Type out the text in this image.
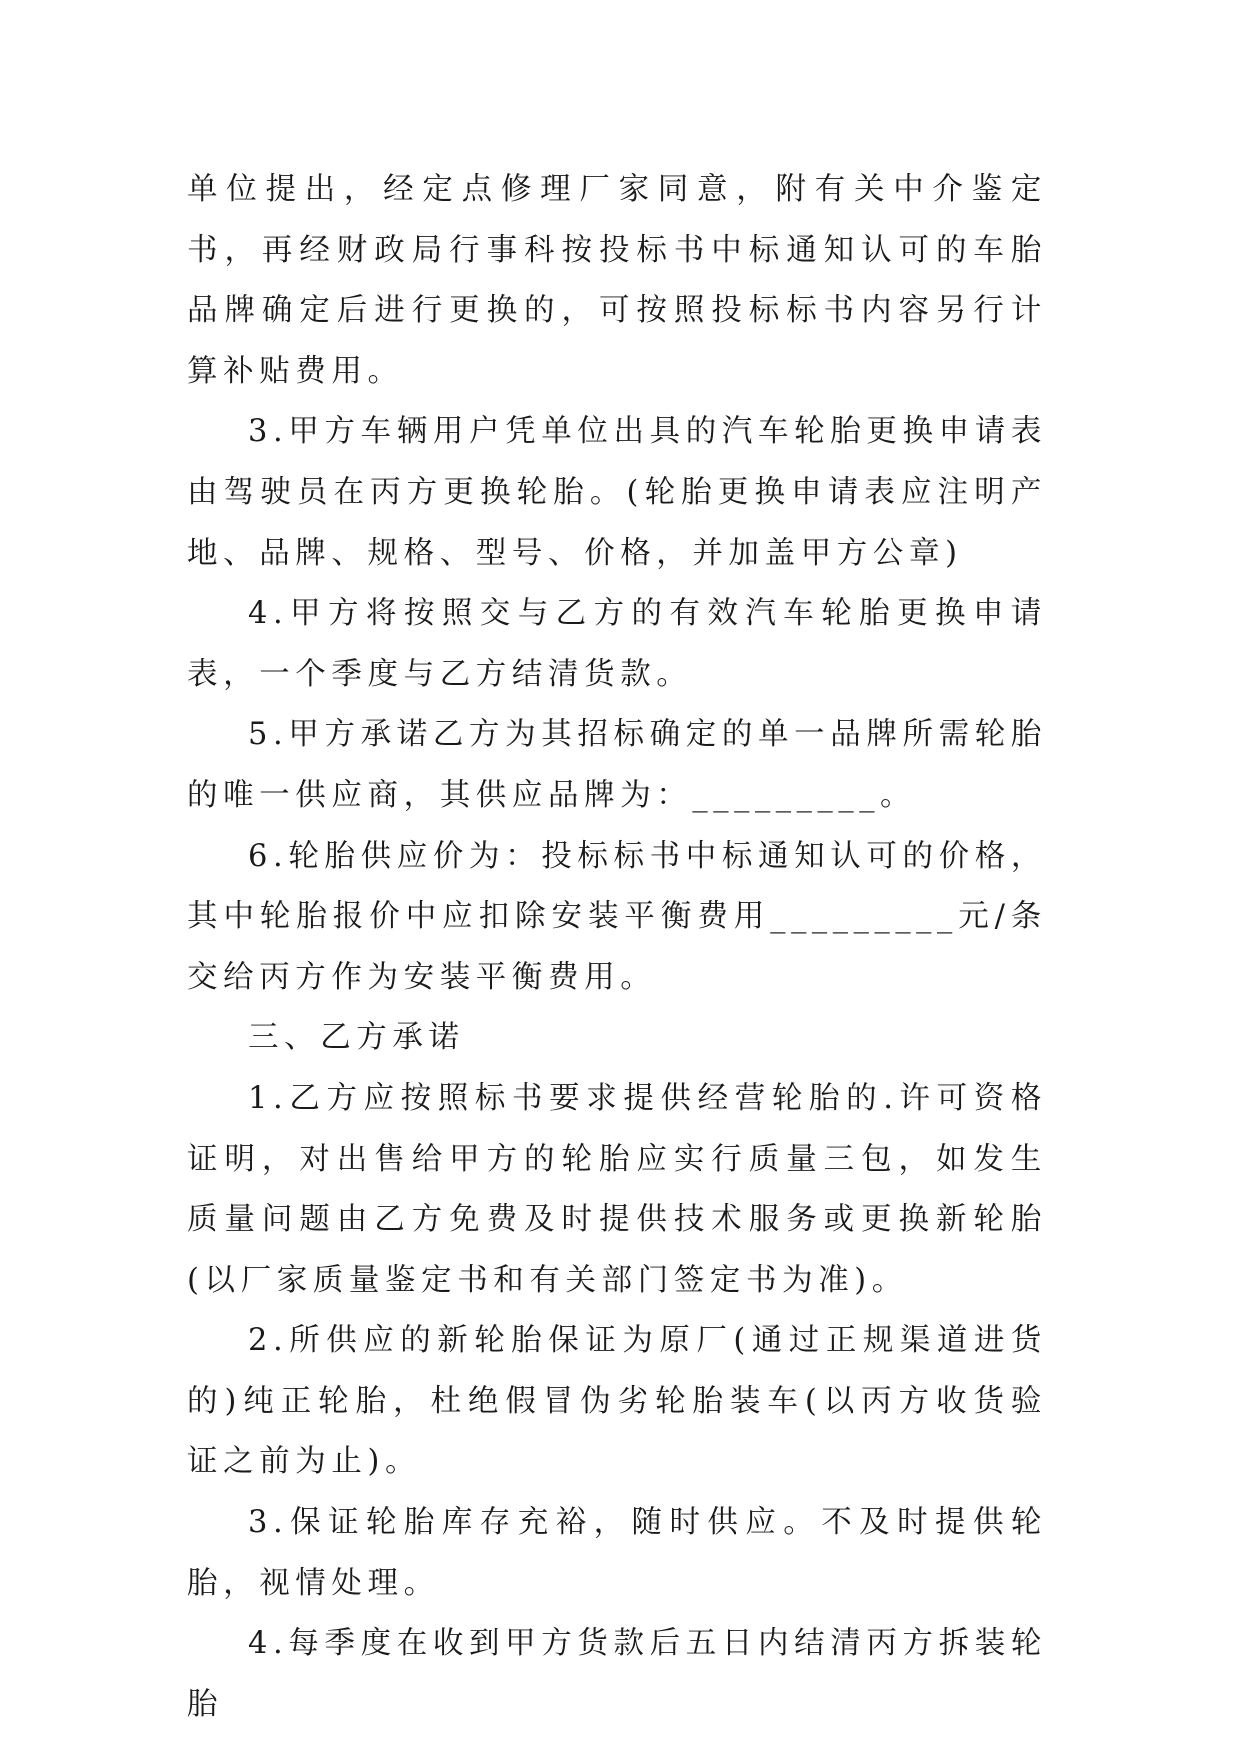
单位提出，经定点修理厂家同意，附有关中介鉴定书，再经财政局行事科按投标书中标通知认可的车胎品牌确定后进行更换的，可按照投标标书内容另行计算补贴费用。

3.甲方车辆用户凭单位出具的汽车轮胎更换申请表由驾驶员在丙方更换轮胎。(轮胎更换申请表应注明产地、品牌、规格、型号、价格，并加盖甲方公章)

4.甲方将按照交与乙方的有效汽车轮胎更换申请表，一个季度与乙方结清货款。

5.甲方承诺乙方为其招标确定的单一品牌所需轮胎的唯一供应商，其供应品牌为：_________。

6.轮胎供应价为：投标标书中标通知认可的价格，其中轮胎报价中应扣除安装平衡费用_________元/条交给丙方作为安装平衡费用。

三、乙方承诺

1.乙方应按照标书要求提供经营轮胎的.许可资格证明，对出售给甲方的轮胎应实行质量三包，如发生质量问题由乙方免费及时提供技术服务或更换新轮胎(以厂家质量鉴定书和有关部门签定书为准)。

2.所供应的新轮胎保证为原厂(通过正规渠道进货的)纯正轮胎，杜绝假冒伪劣轮胎装车(以丙方收货验证之前为止)。

3.保证轮胎库存充裕，随时供应。不及时提供轮胎，视情处理。

4.每季度在收到甲方货款后五日内结清丙方拆装轮胎
